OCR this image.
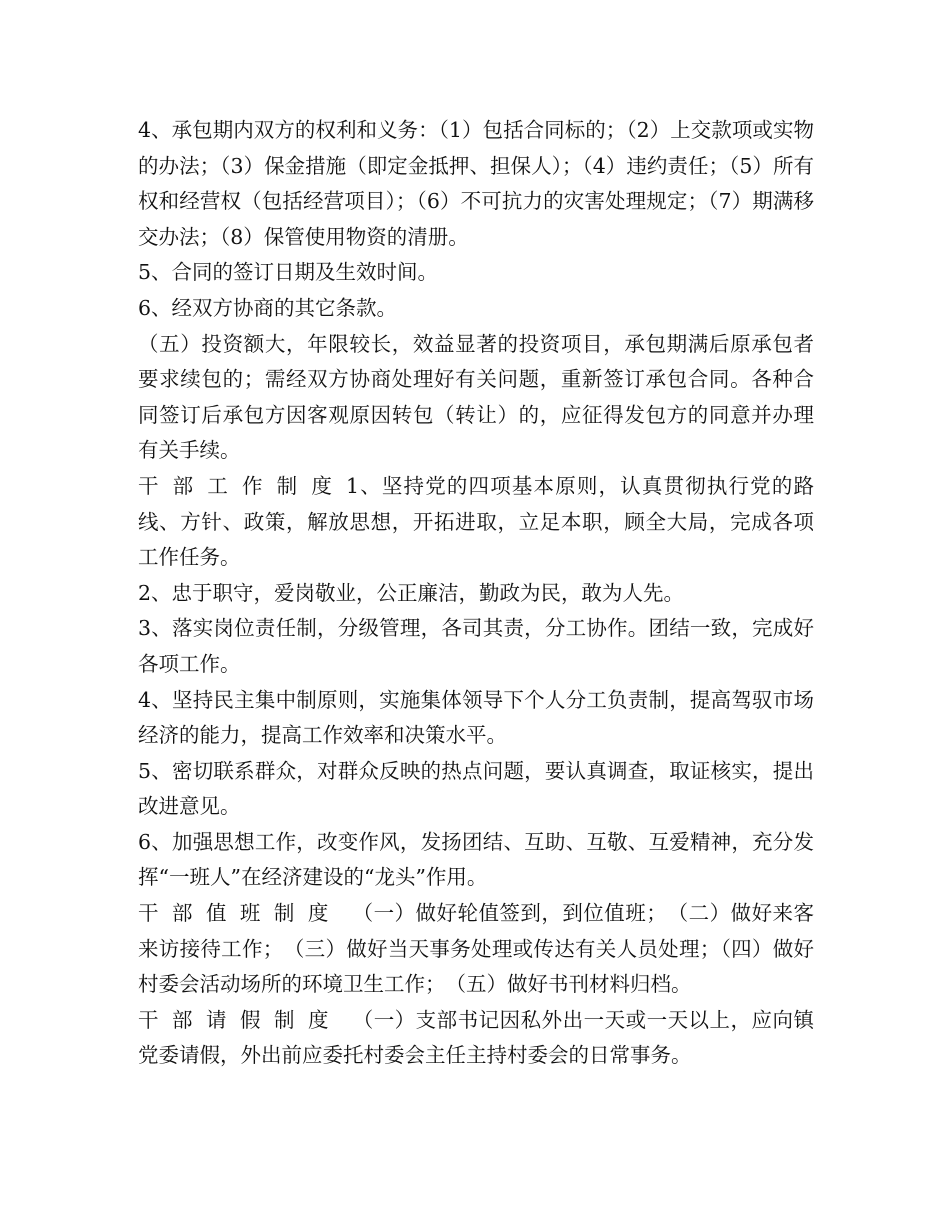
4、承包期内双方的权利和义务：（1）包括合同标的；（2）上交款项或实物的办法；（3）保金措施（即定金抵押、担保人）；（4）违约责任；（5）所有权和经营权（包括经营项目）；（6）不可抗力的灾害处理规定；（7）期满移交办法；（8）保管使用物资的清册。

5、合同的签订日期及生效时间。

6、经双方协商的其它条款。

（五）投资额大，年限较长，效益显著的投资项目，承包期满后原承包者要求续包的；需经双方协商处理好有关问题，重新签订承包合同。各种合同签订后承包方因客观原因转包（转让）的，应征得发包方的同意并办理有关手续。

干部工作制度1、坚持党的四项基本原则，认真贯彻执行党的路线、方针、政策，解放思想，开拓进取，立足本职，顾全大局，完成各项工作任务。

2、忠于职守，爱岗敬业，公正廉洁，勤政为民，敢为人先。

3、落实岗位责任制，分级管理，各司其责，分工协作。团结一致，完成好各项工作。

4、坚持民主集中制原则，实施集体领导下个人分工负责制，提高驾驭市场经济的能力，提高工作效率和决策水平。

5、密切联系群众，对群众反映的热点问题，要认真调查，取证核实，提出改进意见。

6、加强思想工作，改变作风，发扬团结、互助、互敬、互爱精神，充分发挥“一班人”在经济建设的“龙头”作用。

干部值班制度　 （一）做好轮值签到，到位值班；　（二）做好来客来访接待工作；　（三）做好当天事务处理或传达有关人员处理；（四）做好村委会活动场所的环境卫生工作；　（五）做好书刊材料归档。

干部请假制度　 （一）支部书记因私外出一天或一天以上，应向镇党委请假，外出前应委托村委会主任主持村委会的日常事务。
